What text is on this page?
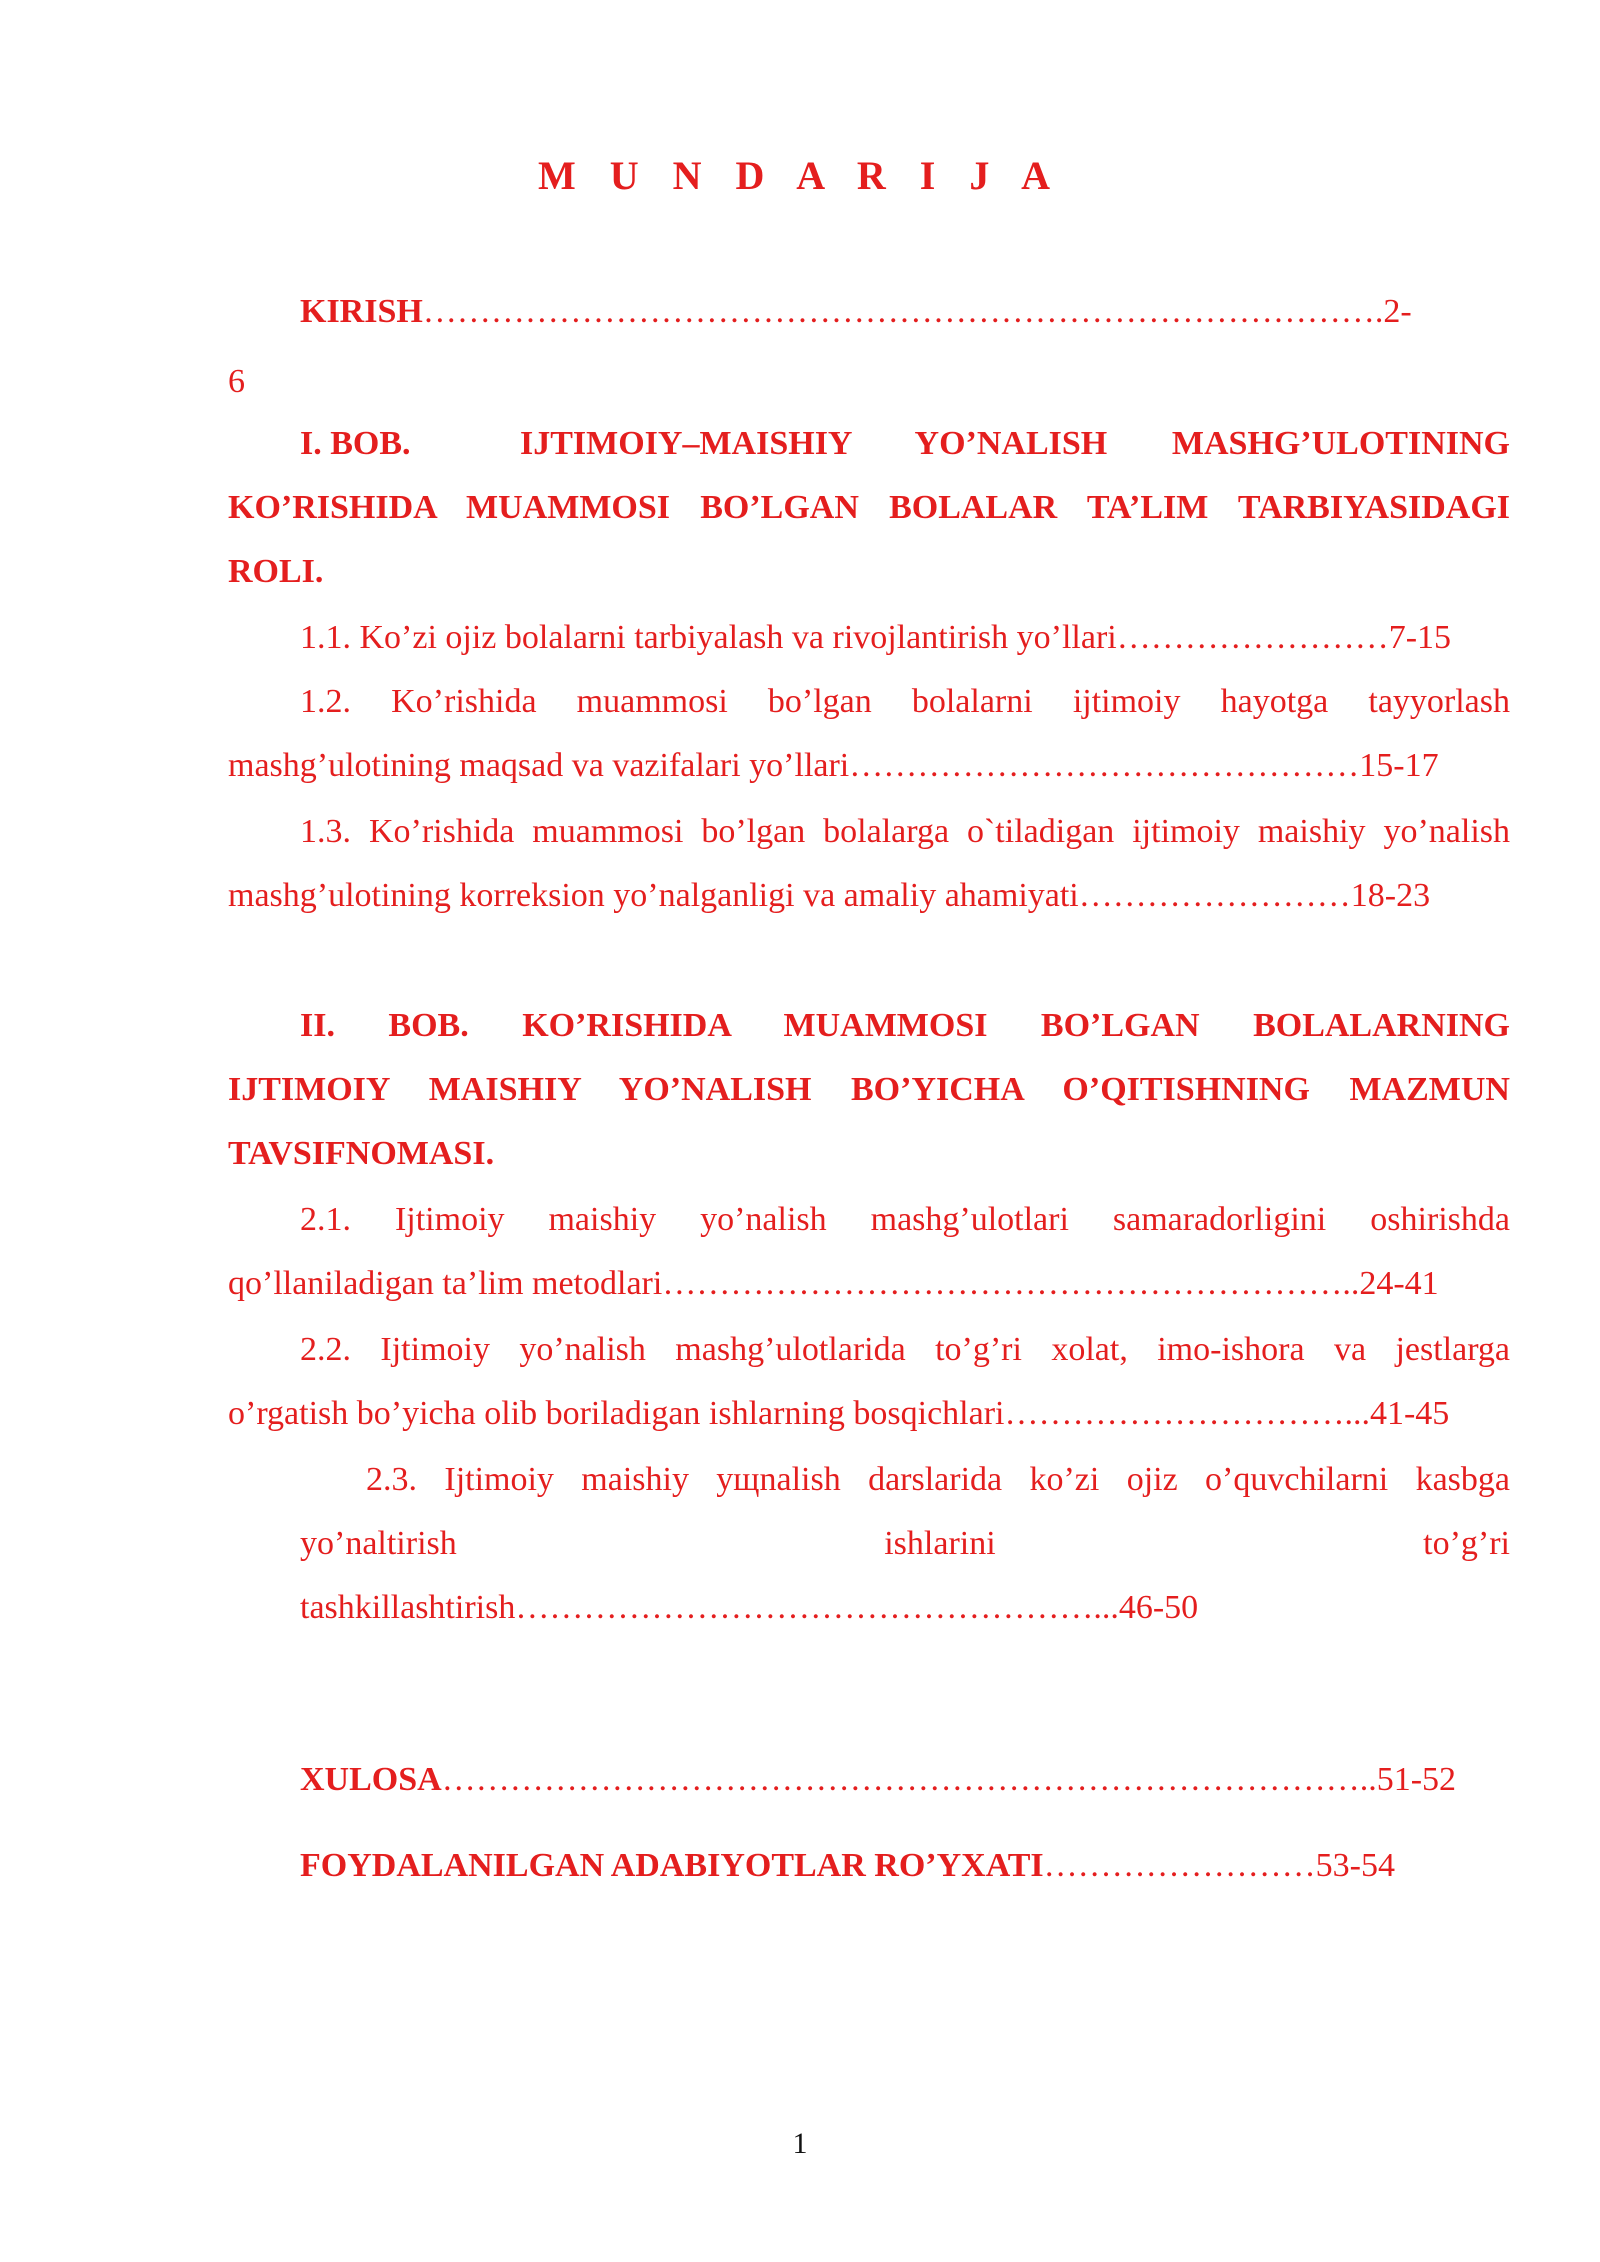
M U N D A R I J A
KIRISH………………………………………………………………………….2-
6
I. BOB.	IJTIMOIY–MAISHIY YO’NALISH MASHG’ULOTINING
KO’RISHIDA MUAMMOSI BO’LGAN BOLALAR TA’LIM TARBIYASIDAGI
ROLI.
1.1. Ko’zi ojiz bolalarni tarbiyalash va rivojlantirish yo’llari……………………7-15
1.2. Ko’rishida muammosi bo’lgan bolalarni ijtimoiy hayotga tayyorlash
mashg’ulotining maqsad va vazifalari yo’llari………………………………………15-17
1.3. Ko’rishida muammosi bo’lgan bolalarga o`tiladigan ijtimoiy maishiy yo’nalish
mashg’ulotining korreksion yo’nalganligi va amaliy ahamiyati……………………18-23
II. BOB. KO’RISHIDA MUAMMOSI BO’LGAN BOLALARNING
IJTIMOIY MAISHIY YO’NALISH BO’YICHA O’QITISHNING MAZMUN
TAVSIFNOMASI.
2.1. Ijtimoiy maishiy yo’nalish mashg’ulotlari samaradorligini oshirishda
qo’llaniladigan ta’lim metodlari……………………………………………………..24-41
2.2. Ijtimoiy yo’nalish mashg’ulotlarida to’g’ri xolat, imo-ishora va jestlarga
o’rgatish bo’yicha olib boriladigan ishlarning bosqichlari…………………………...41-45
2.3. Ijtimoiy maishiy yщnalish darslarida ko’zi ojiz o’quvchilarni kasbga
yo’naltirish ishlarini to’g’ri
tashkillashtirish……………………………………………...46-50
XULOSA………………………………………………………………………..51-52
FOYDALANILGAN ADABIYOTLAR RO’YXATI……………………53-54
1
